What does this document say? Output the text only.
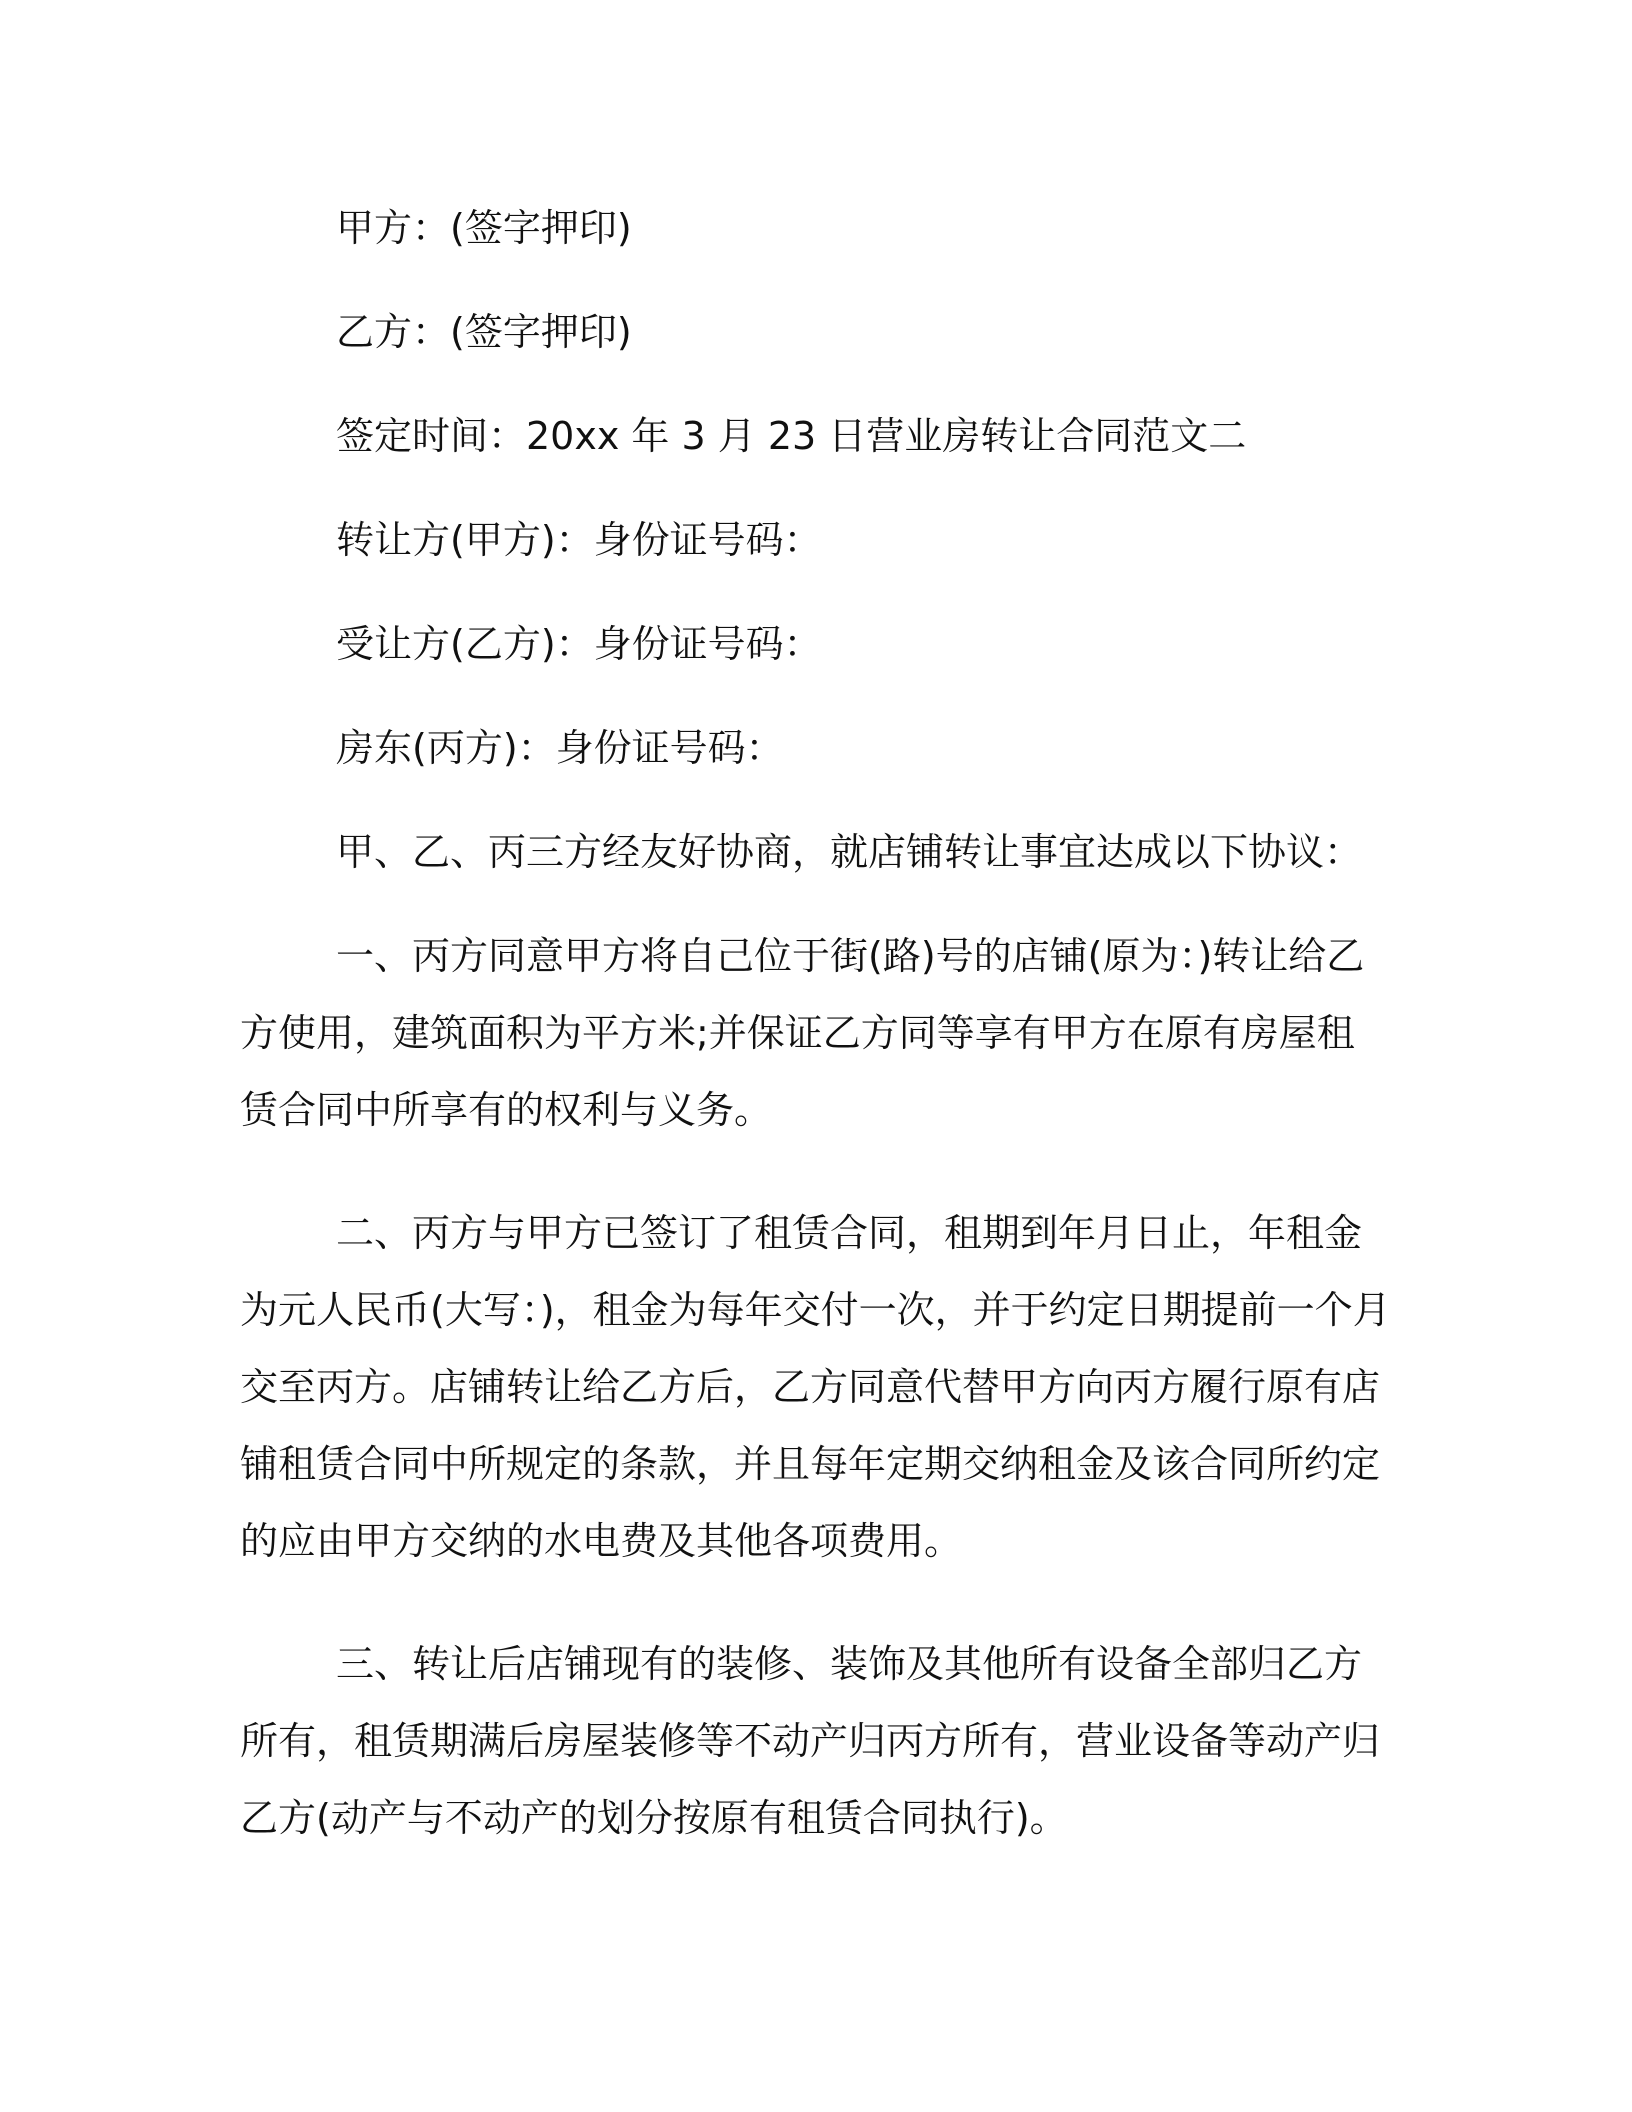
甲方：(签字押印)

乙方：(签字押印)

签定时间：20xx 年 3 月 23 日营业房转让合同范文二

转让方(甲方)：身份证号码：

受让方(乙方)：身份证号码：

房东(丙方)：身份证号码：

甲、乙、丙三方经友好协商，就店铺转让事宜达成以下协议：

一、丙方同意甲方将自己位于街(路)号的店铺(原为：)转让给乙方使用，建筑面积为平方米;并保证乙方同等享有甲方在原有房屋租赁合同中所享有的权利与义务。

二、丙方与甲方已签订了租赁合同，租期到年月日止，年租金为元人民币(大写：)，租金为每年交付一次，并于约定日期提前一个月交至丙方。店铺转让给乙方后，乙方同意代替甲方向丙方履行原有店铺租赁合同中所规定的条款，并且每年定期交纳租金及该合同所约定的应由甲方交纳的水电费及其他各项费用。

三、转让后店铺现有的装修、装饰及其他所有设备全部归乙方所有，租赁期满后房屋装修等不动产归丙方所有，营业设备等动产归乙方(动产与不动产的划分按原有租赁合同执行)。
